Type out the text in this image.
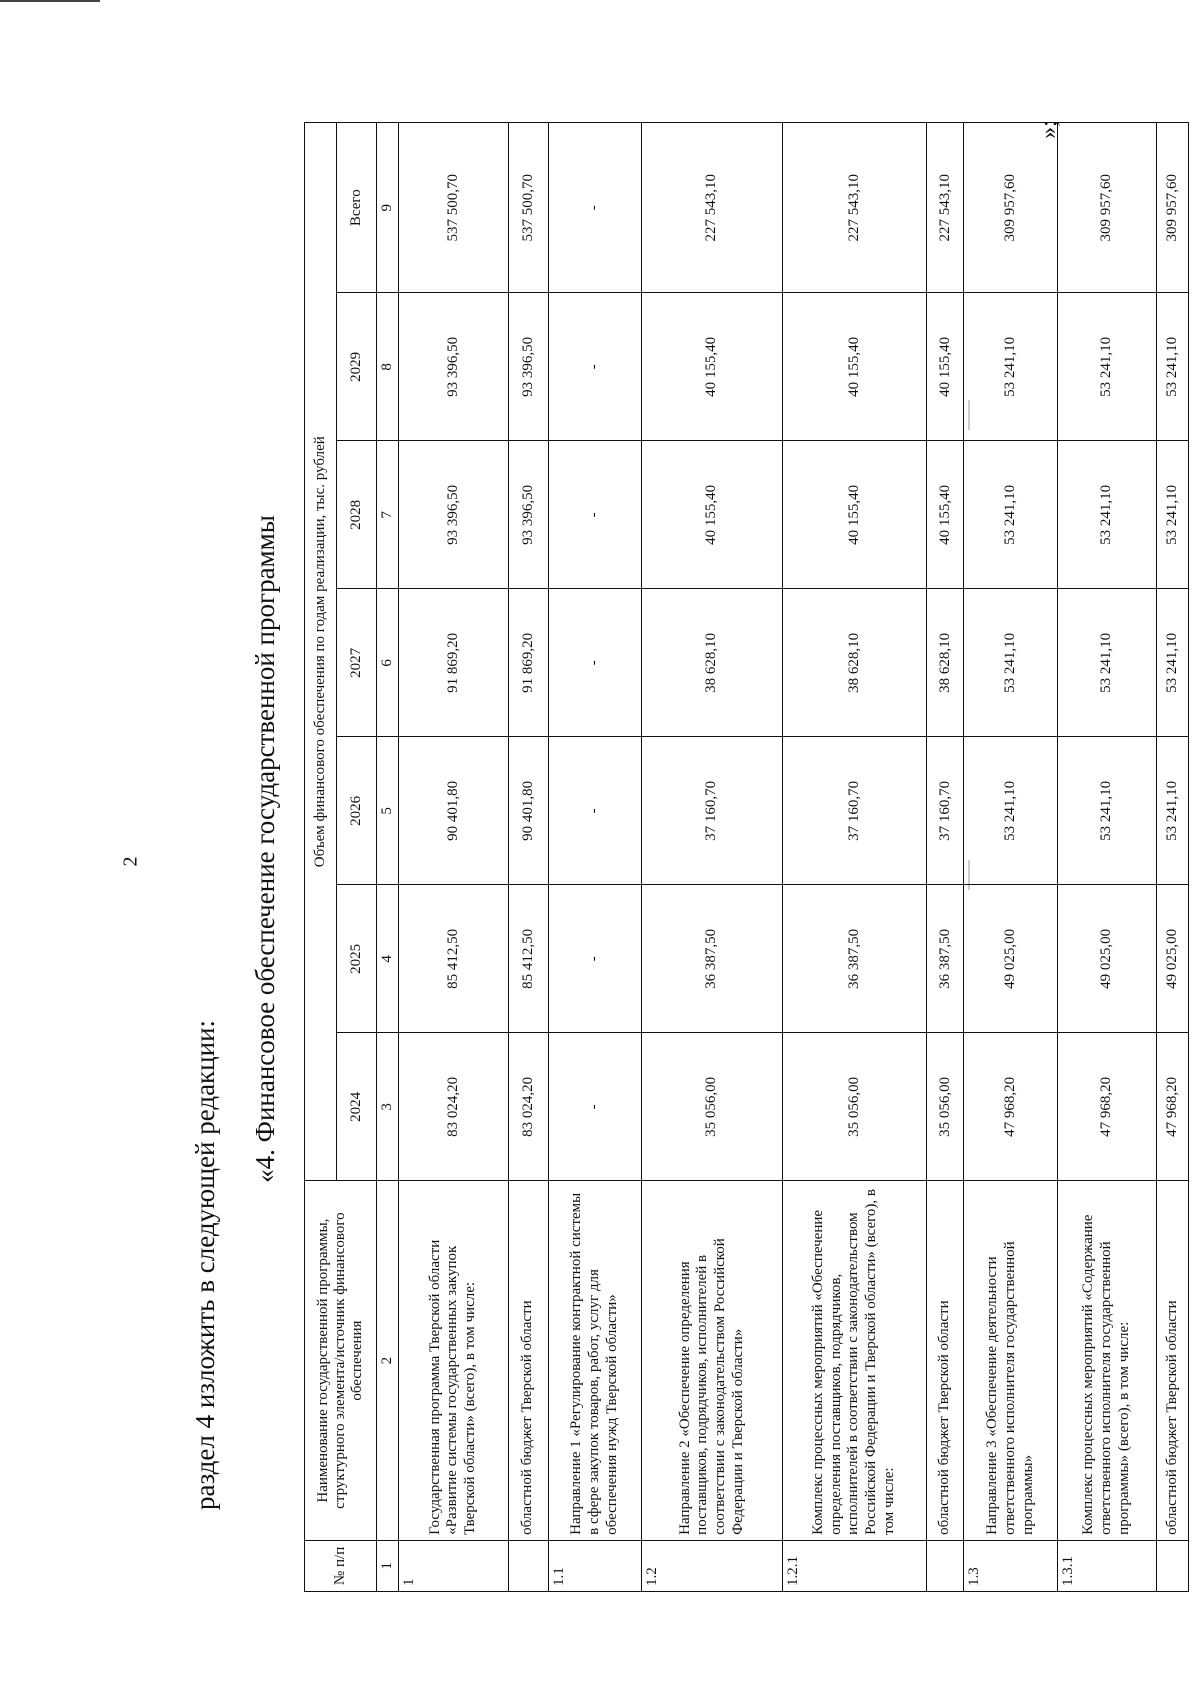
2
раздел 4 изложить в следующей редакции:
«4. Финансовое обеспечение государственной программы
№ п/п	Наименование государственной программы, структурного элемента/источник финансового обеспечения	Объем финансового обеспечения по годам реализации, тыс. рублей						
		2024	2025	2026	2027	2028	2029	Всего
1	2	3	4	5	6	7	8	9
1	Государственная программа Тверской области «Развитие системы государственных закупок Тверской области» (всего), в том числе:	83 024,20	85 412,50	90 401,80	91 869,20	93 396,50	93 396,50	537 500,70
	областной бюджет Тверской области	83 024,20	85 412,50	90 401,80	91 869,20	93 396,50	93 396,50	537 500,70
1.1	Направление 1 «Регулирование контрактной системы в сфере закупок товаров, работ, услуг для обеспечения нужд Тверской области»	-	-	-	-	-	-	-
1.2	Направление 2 «Обеспечение определения поставщиков, подрядчиков, исполнителей в соответствии с законодательством Российской Федерации и Тверской области»	35 056,00	36 387,50	37 160,70	38 628,10	40 155,40	40 155,40	227 543,10
1.2.1	Комплекс процессных мероприятий «Обеспечение определения поставщиков, подрядчиков, исполнителей в соответствии с законодательством Российской Федерации и Тверской области» (всего), в том числе:	35 056,00	36 387,50	37 160,70	38 628,10	40 155,40	40 155,40	227 543,10
	областной бюджет Тверской области	35 056,00	36 387,50	37 160,70	38 628,10	40 155,40	40 155,40	227 543,10
1.3	Направление 3 «Обеспечение деятельности ответственного исполнителя государственной программы»	47 968,20	49 025,00	53 241,10	53 241,10	53 241,10	53 241,10	309 957,60
1.3.1	Комплекс процессных мероприятий «Содержание ответственного исполнителя государственной программы» (всего), в том числе:	47 968,20	49 025,00	53 241,10	53 241,10	53 241,10	53 241,10	309 957,60
	областной бюджет Тверской области	47 968,20	49 025,00	53 241,10	53 241,10	53 241,10	53 241,10	309 957,60
»;
